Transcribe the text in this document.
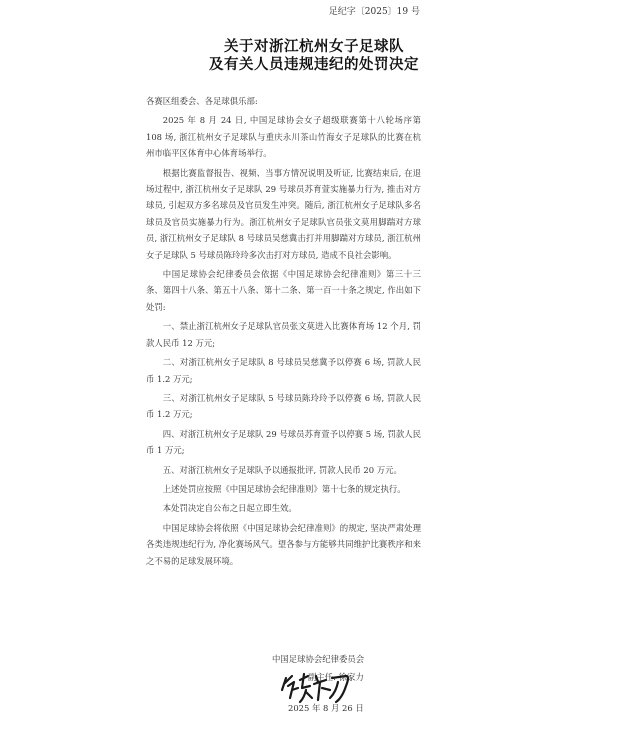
足纪字〔2025〕19 号
关于对浙江杭州女子足球队
及有关人员违规违纪的处罚决定

各赛区组委会、各足球俱乐部:

2025 年 8 月 24 日, 中国足球协会女子超级联赛第十八轮场序第 108 场, 浙江杭州女子足球队与重庆永川茶山竹海女子足球队的比赛在杭州市临平区体育中心体育场举行。

根据比赛监督报告、视频、当事方情况说明及听证, 比赛结束后, 在退场过程中, 浙江杭州女子足球队 29 号球员苏育萱实施暴力行为, 推击对方球员, 引起双方多名球员及官员发生冲突。随后, 浙江杭州女子足球队多名球员及官员实施暴力行为。浙江杭州女子足球队官员张文莫用脚踹对方球员, 浙江杭州女子足球队 8 号球员吴慈冀击打并用脚踹对方球员, 浙江杭州女子足球队 5 号球员陈玲玲多次击打对方球员, 造成不良社会影响。

中国足球协会纪律委员会依据《中国足球协会纪律准则》第三十三条、第四十八条、第五十八条、第十二条、第一百一十条之规定, 作出如下处罚:

一、禁止浙江杭州女子足球队官员张文莫进入比赛体育场 12 个月, 罚款人民币 12 万元;

二、对浙江杭州女子足球队 8 号球员吴慈冀予以停赛 6 场, 罚款人民币 1.2 万元;

三、对浙江杭州女子足球队 5 号球员陈玲玲予以停赛 6 场, 罚款人民币 1.2 万元;

四、对浙江杭州女子足球队 29 号球员苏育萱予以停赛 5 场, 罚款人民币 1 万元;

五、对浙江杭州女子足球队予以通报批评, 罚款人民币 20 万元。

上述处罚应按照《中国足球协会纪律准则》第十七条的规定执行。

本处罚决定自公布之日起立即生效。

中国足球协会将依照《中国足球协会纪律准则》的规定, 坚决严肃处理各类违规违纪行为, 净化赛场风气。望各参与方能够共同维护比赛秩序和来之不易的足球发展环境。

中国足球协会纪律委员会
副主任: 徐家力
2025 年 8 月 26 日
